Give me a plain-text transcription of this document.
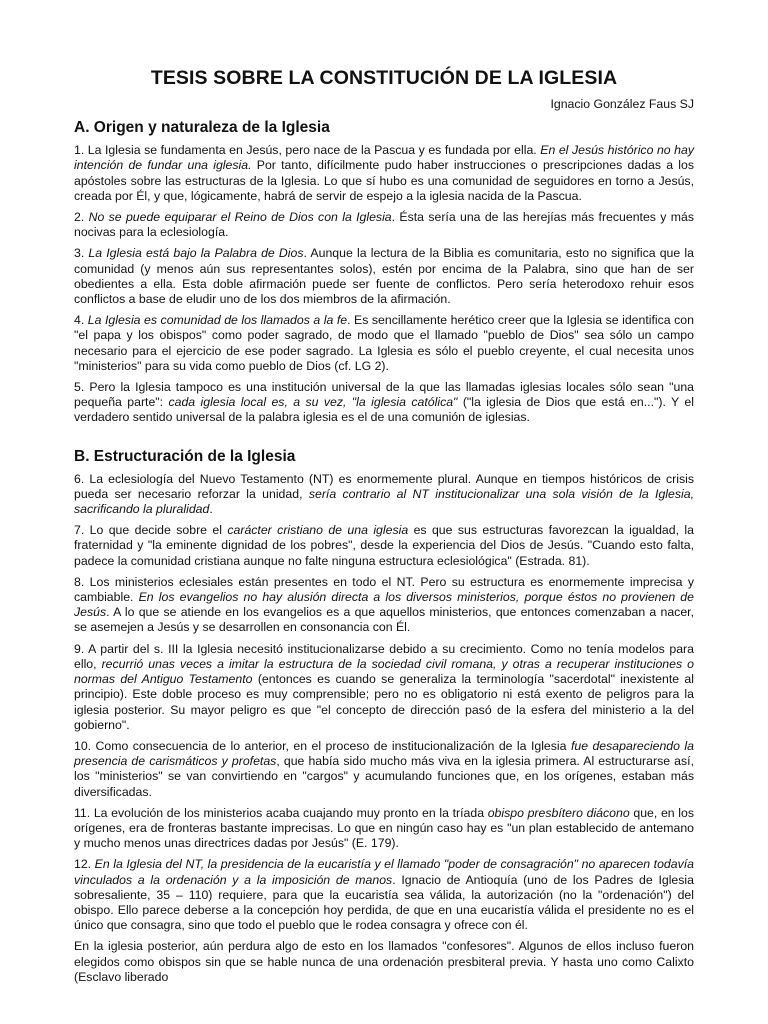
TESIS SOBRE LA CONSTITUCIÓN DE LA IGLESIA
Ignacio González Faus SJ
A. Origen y naturaleza de la Iglesia

1. La Iglesia se fundamenta en Jesús, pero nace de la Pascua y es fundada por ella. En el Jesús histórico no hay intención de fundar una iglesia. Por tanto, difícilmente pudo haber instrucciones o prescripciones dadas a los apóstoles sobre las estructuras de la Iglesia. Lo que sí hubo es una comunidad de seguidores en torno a Jesús, creada por Él, y que, lógicamente, habrá de servir de espejo a la iglesia nacida de la Pascua.

2. No se puede equiparar el Reino de Dios con la Iglesia. Ésta sería una de las herejías más frecuentes y más nocivas para la eclesiología.

3. La Iglesia está bajo la Palabra de Dios. Aunque la lectura de la Biblia es comunitaria, esto no significa que la comunidad (y menos aún sus representantes solos), estén por encima de la Palabra, sino que han de ser obedientes a ella. Esta doble afirmación puede ser fuente de conflictos. Pero sería heterodoxo rehuir esos conflictos a base de eludir uno de los dos miembros de la afirmación.

4. La Iglesia es comunidad de los llamados a la fe. Es sencillamente herético creer que la Iglesia se identifica con "el papa y los obispos" como poder sagrado, de modo que el llamado "pueblo de Dios" sea sólo un campo necesario para el ejercicio de ese poder sagrado. La Iglesia es sólo el pueblo creyente, el cual necesita unos "ministerios" para su vida como pueblo de Dios (cf. LG 2).

5. Pero la Iglesia tampoco es una institución universal de la que las llamadas iglesias locales sólo sean "una pequeña parte": cada iglesia local es, a su vez, "la iglesia católica" ("la iglesia de Dios que está en..."). Y el verdadero sentido universal de la palabra iglesia es el de una comunión de iglesias.

B. Estructuración de la Iglesia

6. La eclesiología del Nuevo Testamento (NT) es enormemente plural. Aunque en tiempos históricos de crisis pueda ser necesario reforzar la unidad, sería contrario al NT institucionalizar una sola visión de la Iglesia, sacrificando la pluralidad.

7. Lo que decide sobre el carácter cristiano de una iglesia es que sus estructuras favorezcan la igualdad, la fraternidad y "la eminente dignidad de los pobres", desde la experiencia del Dios de Jesús. "Cuando esto falta, padece la comunidad cristiana aunque no falte ninguna estructura eclesiológica" (Estrada. 81).

8. Los ministerios eclesiales están presentes en todo el NT. Pero su estructura es enormemente imprecisa y cambiable. En los evangelios no hay alusión directa a los diversos ministerios, porque éstos no provienen de Jesús. A lo que se atiende en los evangelios es a que aquellos ministerios, que entonces comenzaban a nacer, se asemejen a Jesús y se desarrollen en consonancia con Él.

9. A partir del s. III la Iglesia necesitó institucionalizarse debido a su crecimiento. Como no tenía modelos para ello, recurrió unas veces a imitar la estructura de la sociedad civil romana, y otras a recuperar instituciones o normas del Antiguo Testamento (entonces es cuando se generaliza la terminología "sacerdotal" inexistente al principio). Este doble proceso es muy comprensible; pero no es obligatorio ni está exento de peligros para la iglesia posterior. Su mayor peligro es que "el concepto de dirección pasó de la esfera del ministerio a la del gobierno".

10. Como consecuencia de lo anterior, en el proceso de institucionalización de la Iglesia fue desapareciendo la presencia de carismáticos y profetas, que había sido mucho más viva en la iglesia primera. Al estructurarse así, los "ministerios" se van convirtiendo en "cargos" y acumulando funciones que, en los orígenes, estaban más diversificadas.

11. La evolución de los ministerios acaba cuajando muy pronto en la tríada obispo presbítero diácono que, en los orígenes, era de fronteras bastante imprecisas. Lo que en ningún caso hay es "un plan establecido de antemano y mucho menos unas directrices dadas por Jesús" (E. 179).

12. En la Iglesia del NT, la presidencia de la eucaristía y el llamado "poder de consagración" no aparecen todavía vinculados a la ordenación y a la imposición de manos. Ignacio de Antioquía (uno de los Padres de Iglesia sobresaliente, 35 – 110) requiere, para que la eucaristía sea válida, la autorización (no la "ordenación") del obispo. Ello parece deberse a la concepción hoy perdida, de que en una eucaristía válida el presidente no es el único que consagra, sino que todo el pueblo que le rodea consagra y ofrece con él.

En la iglesia posterior, aún perdura algo de esto en los llamados "confesores". Algunos de ellos incluso fueron elegidos como obispos sin que se hable nunca de una ordenación presbiteral previa. Y hasta uno como Calixto (Esclavo liberado
